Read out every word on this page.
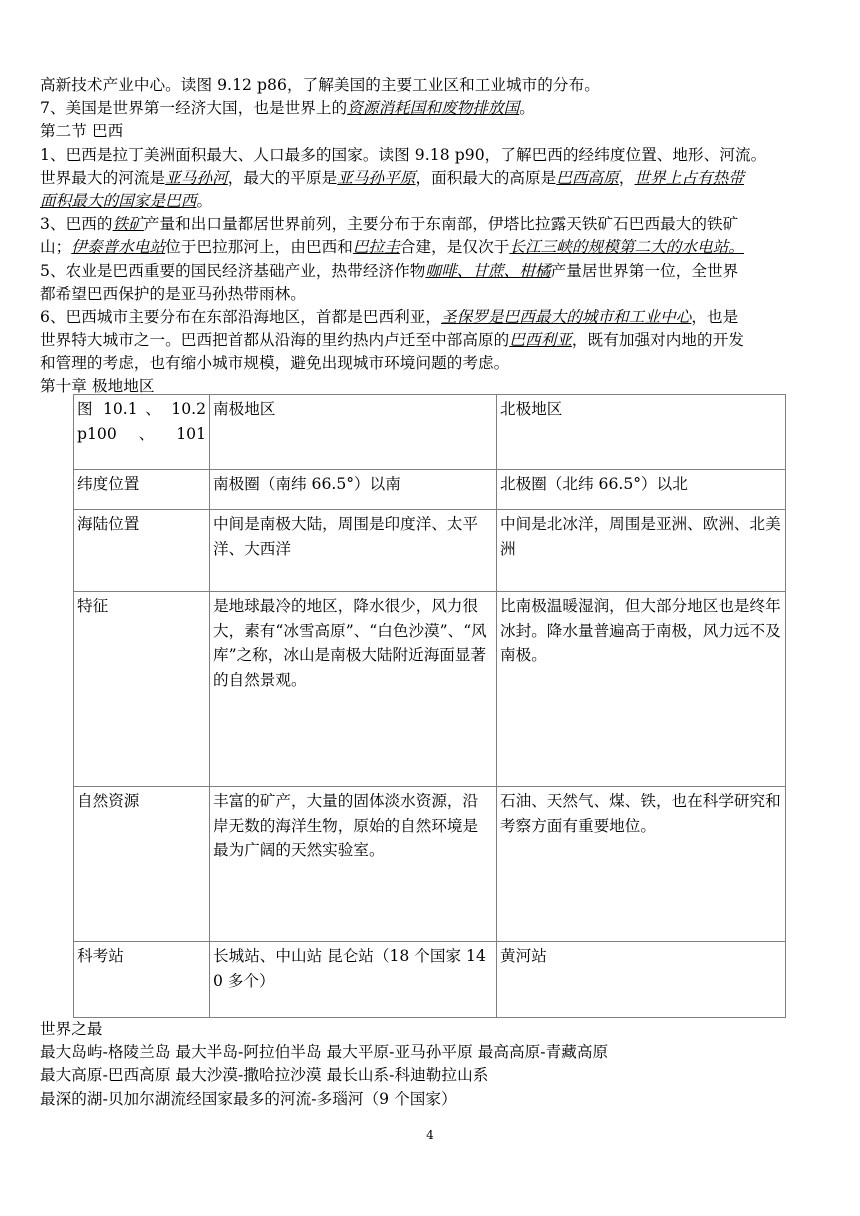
高新技术产业中心。读图 9.12 p86，了解美国的主要工业区和工业城市的分布。
7、美国是世界第一经济大国，也是世界上的资源消耗国和废物排放国。
第二节 巴西
1、巴西是拉丁美洲面积最大、人口最多的国家。读图 9.18 p90，了解巴西的经纬度位置、地形、河流。
世界最大的河流是亚马孙河，最大的平原是亚马孙平原，面积最大的高原是巴西高原，世界上占有热带
面积最大的国家是巴西。
3、巴西的铁矿产量和出口量都居世界前列，主要分布于东南部，伊塔比拉露天铁矿石巴西最大的铁矿
山；伊泰普水电站位于巴拉那河上，由巴西和巴拉圭合建，是仅次于长江三峡的规模第二大的水电站。
5、农业是巴西重要的国民经济基础产业，热带经济作物咖啡、甘蔗、柑橘产量居世界第一位，全世界
都希望巴西保护的是亚马孙热带雨林。
6、巴西城市主要分布在东部沿海地区，首都是巴西利亚，圣保罗是巴西最大的城市和工业中心，也是
世界特大城市之一。巴西把首都从沿海的里约热内卢迁至中部高原的巴西利亚，既有加强对内地的开发
和管理的考虑，也有缩小城市规模，避免出现城市环境问题的考虑。
第十章 极地地区
图 10.1 、 10.2 p100、101	南极地区	北极地区
纬度位置	南极圈（南纬 66.5°）以南	北极圈（北纬 66.5°）以北
海陆位置	中间是南极大陆，周围是印度洋、太平洋、大西洋	中间是北冰洋，周围是亚洲、欧洲、北美洲
特征	是地球最冷的地区，降水很少，风力很大，素有“冰雪高原”、“白色沙漠”、“风库”之称，冰山是南极大陆附近海面显著的自然景观。	比南极温暖湿润，但大部分地区也是终年冰封。降水量普遍高于南极，风力远不及南极。
自然资源	丰富的矿产，大量的固体淡水资源，沿岸无数的海洋生物，原始的自然环境是最为广阔的天然实验室。	石油、天然气、煤、铁，也在科学研究和考察方面有重要地位。
科考站	长城站、中山站 昆仑站（18 个国家 140 多个）	黄河站
世界之最
最大岛屿-格陵兰岛 最大半岛-阿拉伯半岛 最大平原-亚马孙平原 最高高原-青藏高原
最大高原-巴西高原 最大沙漠-撒哈拉沙漠 最长山系-科迪勒拉山系
最深的湖-贝加尔湖流经国家最多的河流-多瑙河（9 个国家）
4
